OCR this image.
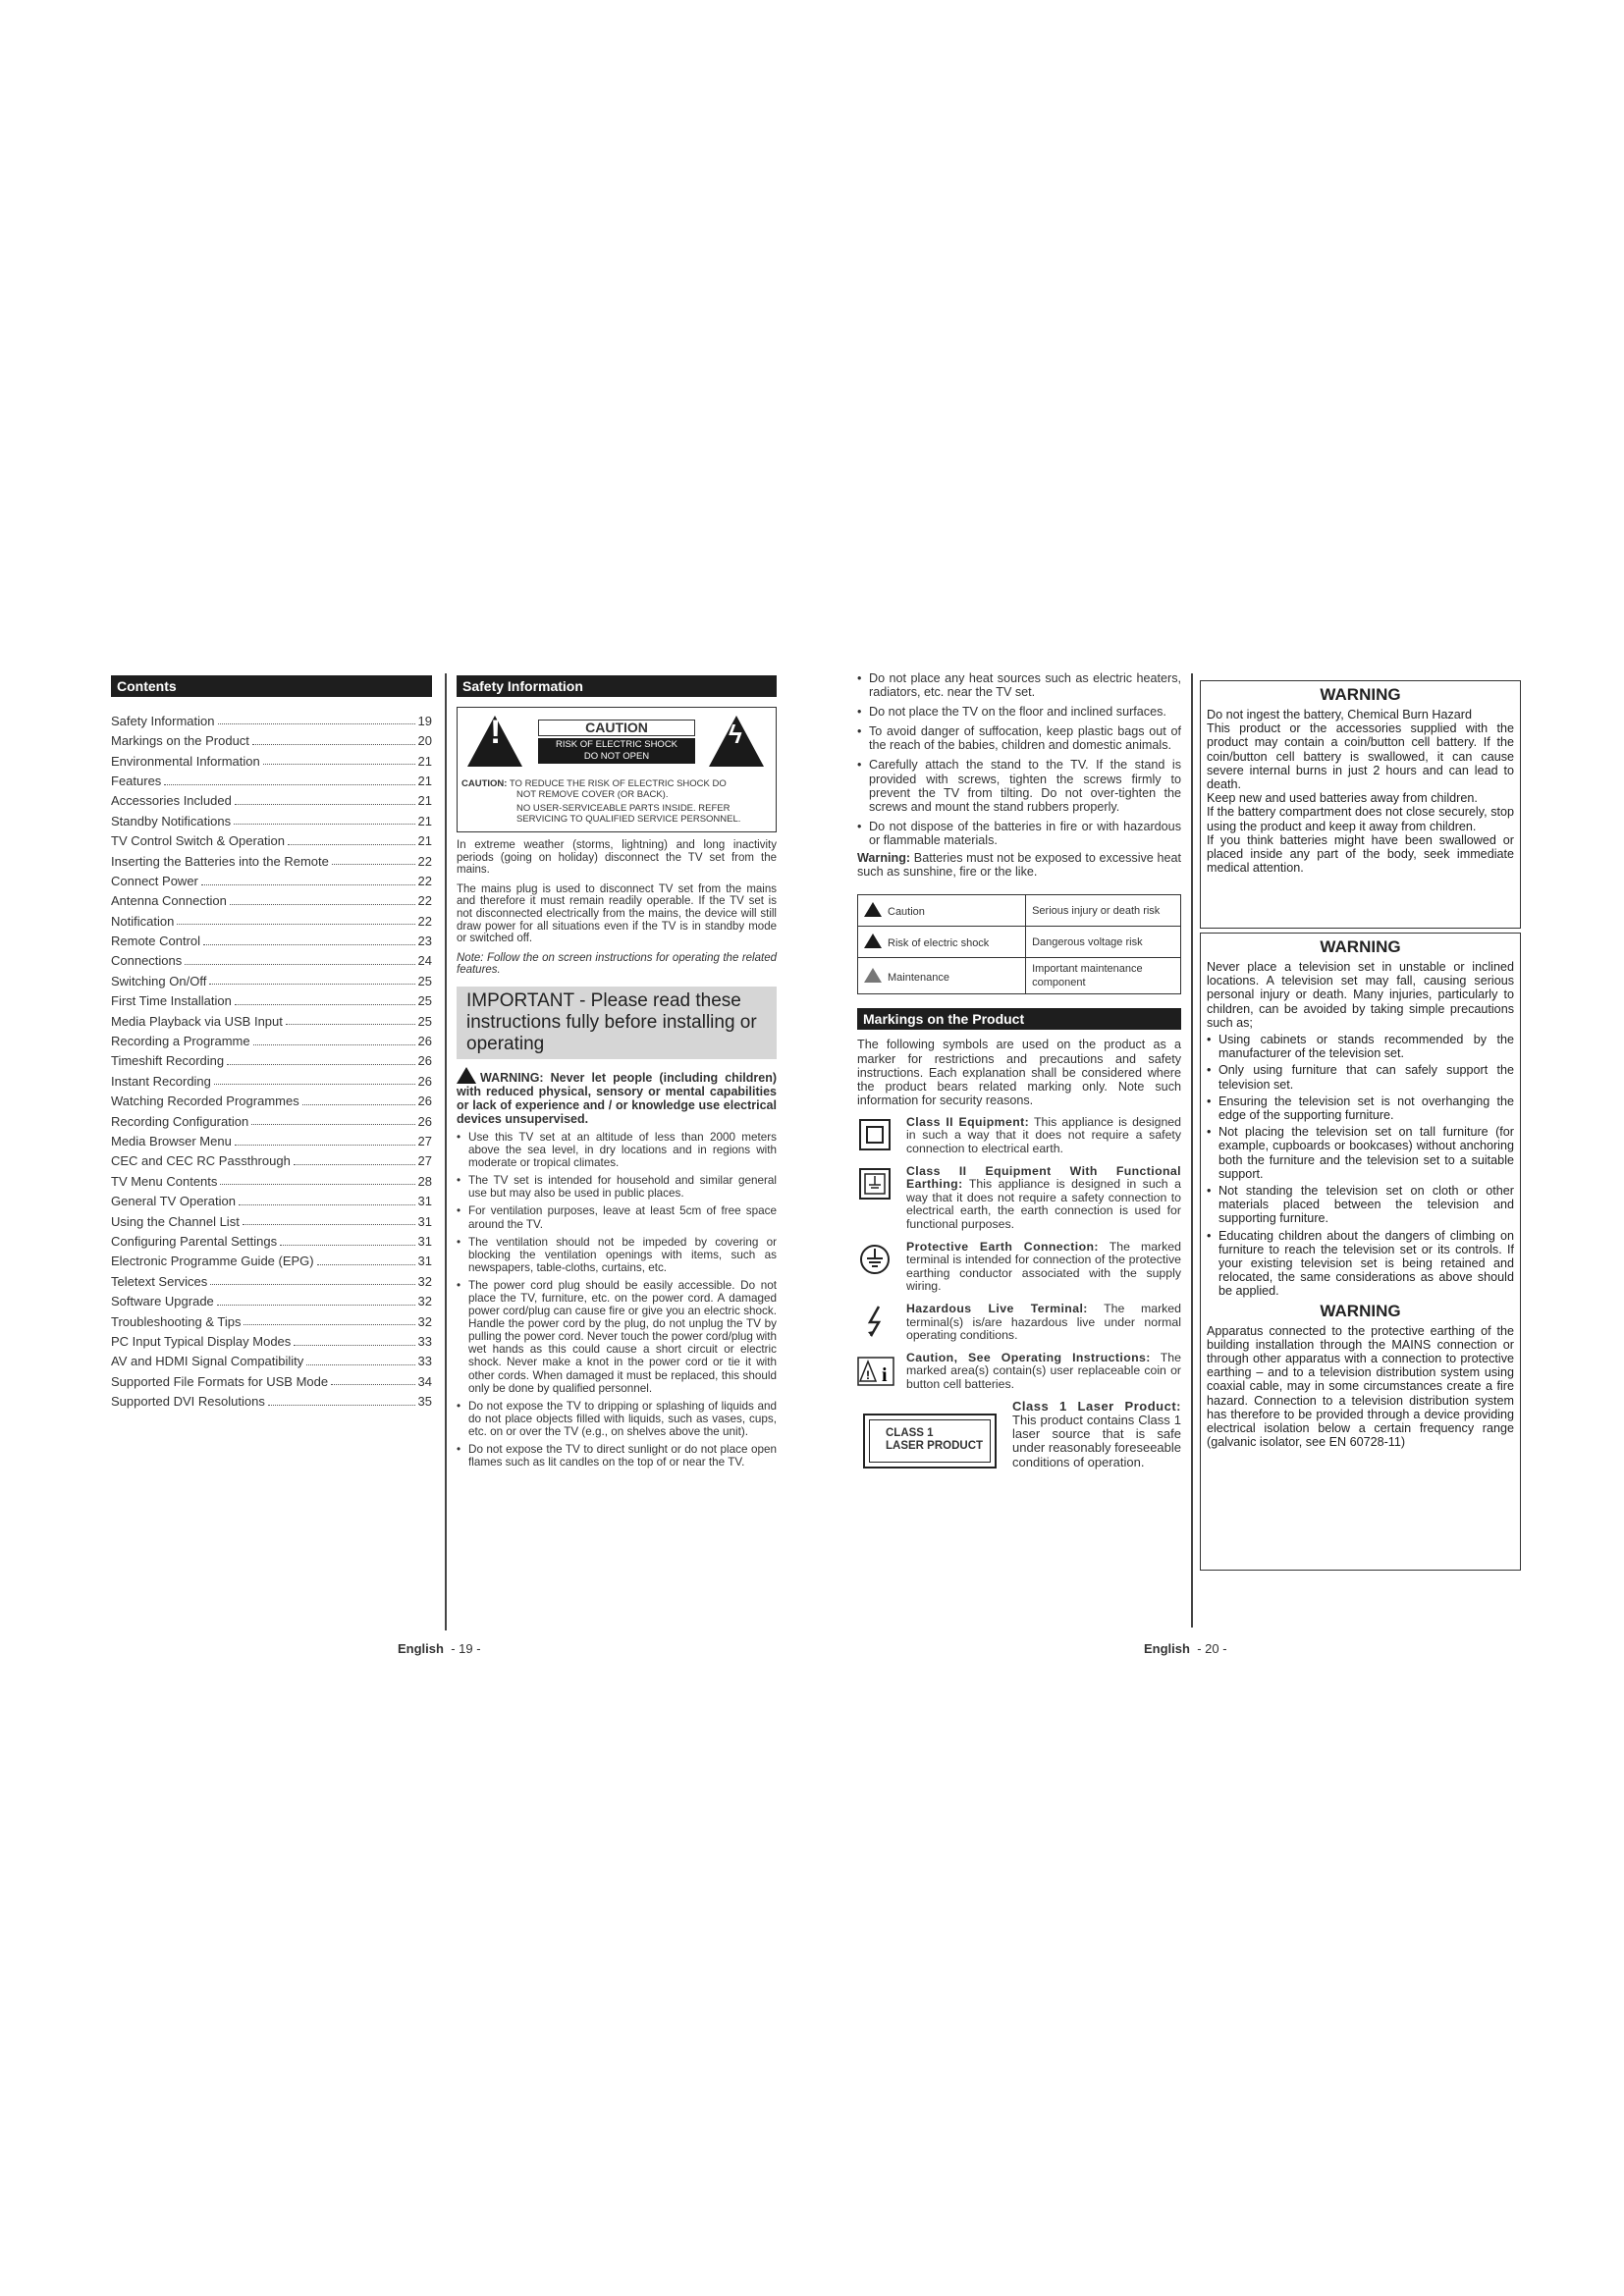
Contents
Safety Information	19
Markings on the Product	20
Environmental Information	21
Features	21
Accessories Included	21
Standby Notifications	21
TV Control Switch & Operation	21
Inserting the Batteries into the Remote	22
Connect Power	22
Antenna Connection	22
Notification	22
Remote Control	23
Connections	24
Switching On/Off	25
First Time Installation	25
Media Playback via USB Input	25
Recording a Programme	26
Timeshift Recording	26
Instant Recording	26
Watching Recorded Programmes	26
Recording Configuration	26
Media Browser Menu	27
CEC and CEC RC Passthrough	27
TV Menu Contents	28
General TV Operation	31
Using the Channel List	31
Configuring Parental Settings	31
Electronic Programme Guide (EPG)	31
Teletext Services	32
Software Upgrade	32
Troubleshooting & Tips	32
PC Input Typical Display Modes	33
AV and HDMI Signal Compatibility	33
Supported File Formats for USB Mode	34
Supported DVI Resolutions	35
Safety Information
!	CAUTION
RISK OF ELECTRIC SHOCK
DO NOT OPEN
ϟ
CAUTION: TO REDUCE THE RISK OF ELECTRIC SHOCK DO
NOT REMOVE COVER (OR BACK).
NO USER-SERVICEABLE PARTS INSIDE. REFER
SERVICING TO QUALIFIED SERVICE PERSONNEL.
In extreme weather (storms, lightning) and long inactivity periods (going on holiday) disconnect the TV set from the mains.
The mains plug is used to disconnect TV set from the mains and therefore it must remain readily operable. If the TV set is not disconnected electrically from the mains, the device will still draw power for all situations even if the TV is in standby mode or switched off.
Note: Follow the on screen instructions for operating the related features.
IMPORTANT - Please read these instructions fully before installing or operating
WARNING: Never let people (including children) with reduced physical, sensory or mental capabilities or lack of experience and / or knowledge use electrical devices unsupervised.
• Use this TV set at an altitude of less than 2000 meters above the sea level, in dry locations and in regions with moderate or tropical climates.
• The TV set is intended for household and similar general use but may also be used in public places.
• For ventilation purposes, leave at least 5cm of free space around the TV.
• The ventilation should not be impeded by covering or blocking the ventilation openings with items, such as newspapers, table-cloths, curtains, etc.
• The power cord plug should be easily accessible. Do not place the TV, furniture, etc. on the power cord. A damaged power cord/plug can cause fire or give you an electric shock. Handle the power cord by the plug, do not unplug the TV by pulling the power cord. Never touch the power cord/plug with wet hands as this could cause a short circuit or electric shock. Never make a knot in the power cord or tie it with other cords. When damaged it must be replaced, this should only be done by qualified personnel.
• Do not expose the TV to dripping or splashing of liquids and do not place objects filled with liquids, such as vases, cups, etc. on or over the TV (e.g., on shelves above the unit).
• Do not expose the TV to direct sunlight or do not place open flames such as lit candles on the top of or near the TV.
English - 19 -
• Do not place any heat sources such as electric heaters, radiators, etc. near the TV set.
• Do not place the TV on the floor and inclined surfaces.
• To avoid danger of suffocation, keep plastic bags out of the reach of the babies, children and domestic animals.
• Carefully attach the stand to the TV. If the stand is provided with screws, tighten the screws firmly to prevent the TV from tilting. Do not over-tighten the screws and mount the stand rubbers properly.
• Do not dispose of the batteries in fire or with hazardous or flammable materials.
Warning: Batteries must not be exposed to excessive heat such as sunshine, fire or the like.
Caution	Serious injury or death risk
Risk of electric shock	Dangerous voltage risk
Maintenance	Important maintenance component
Markings on the Product
The following symbols are used on the product as a marker for restrictions and precautions and safety instructions. Each explanation shall be considered where the product bears related marking only. Note such information for security reasons.
Class II Equipment: This appliance is designed in such a way that it does not require a safety connection to electrical earth.
Class II Equipment With Functional Earthing: This appliance is designed in such a way that it does not require a safety connection to electrical earth, the earth connection is used for functional purposes.
Protective Earth Connection: The marked terminal is intended for connection of the protective earthing conductor associated with the supply wiring.
Hazardous Live Terminal: The marked terminal(s) is/are hazardous live under normal operating conditions.
! i
Caution, See Operating Instructions: The marked area(s) contain(s) user replaceable coin or button cell batteries.
CLASS 1
LASER PRODUCT
Class 1 Laser Product: This product contains Class 1 laser source that is safe under reasonably foreseeable conditions of operation.
WARNING
Do not ingest the battery, Chemical Burn Hazard
This product or the accessories supplied with the product may contain a coin/button cell battery. If the coin/button cell battery is swallowed, it can cause severe internal burns in just 2 hours and can lead to death.
Keep new and used batteries away from children.
If the battery compartment does not close securely, stop using the product and keep it away from children.
If you think batteries might have been swallowed or placed inside any part of the body, seek immediate medical attention.
WARNING
Never place a television set in unstable or inclined locations. A television set may fall, causing serious personal injury or death. Many injuries, particularly to children, can be avoided by taking simple precautions such as;
• Using cabinets or stands recommended by the manufacturer of the television set.
• Only using furniture that can safely support the television set.
• Ensuring the television set is not overhanging the edge of the supporting furniture.
• Not placing the television set on tall furniture (for example, cupboards or bookcases) without anchoring both the furniture and the television set to a suitable support.
• Not standing the television set on cloth or other materials placed between the television and supporting furniture.
• Educating children about the dangers of climbing on furniture to reach the television set or its controls. If your existing television set is being retained and relocated, the same considerations as above should be applied.
WARNING
Apparatus connected to the protective earthing of the building installation through the MAINS connection or through other apparatus with a connection to protective earthing – and to a television distribution system using coaxial cable, may in some circumstances create a fire hazard. Connection to a television distribution system has therefore to be provided through a device providing electrical isolation below a certain frequency range (galvanic isolator, see EN 60728-11)
English - 20 -
